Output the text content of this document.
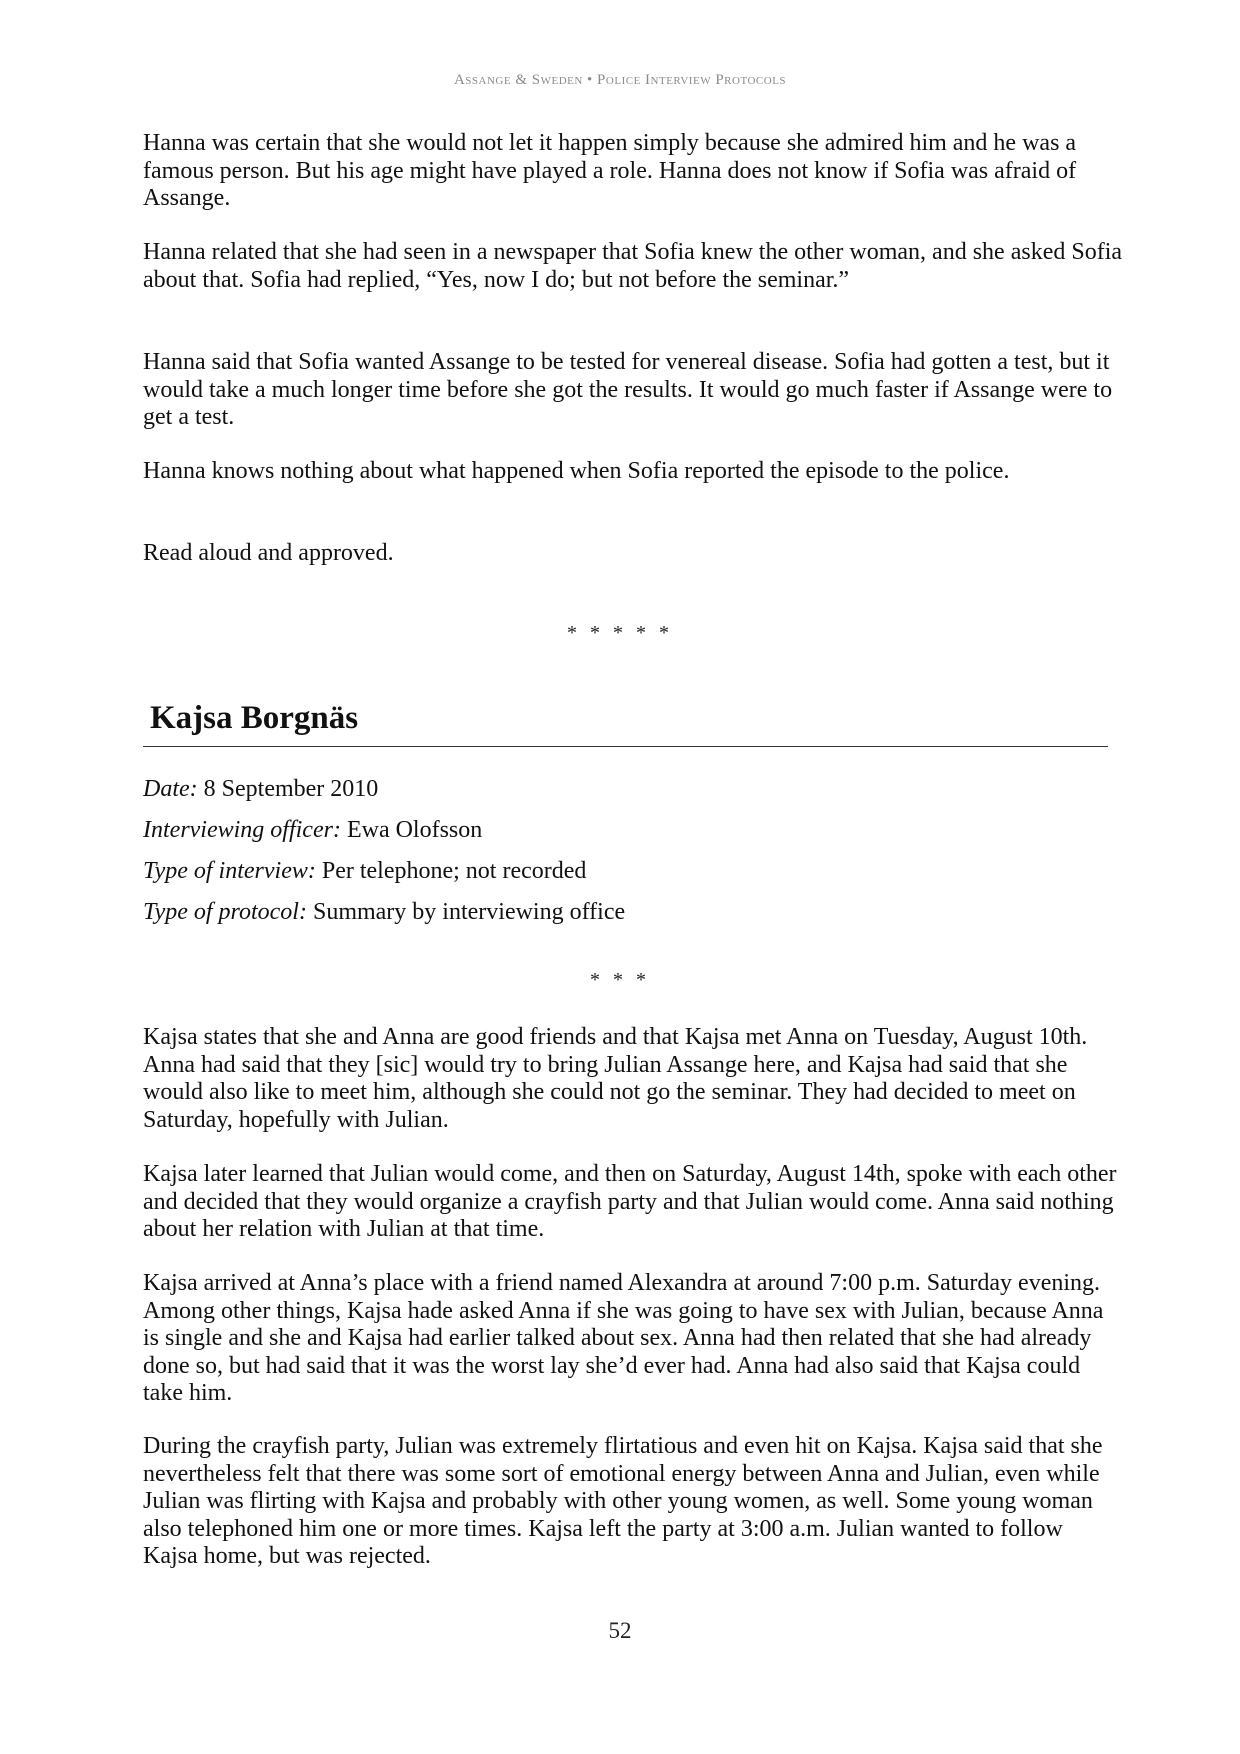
Assange & Sweden • Police Interview Protocols

Hanna was certain that she would not let it happen simply because she admired him and he was a famous person. But his age might have played a role. Hanna does not know if Sofia was afraid of Assange.

Hanna related that she had seen in a newspaper that Sofia knew the other woman, and she asked Sofia about that. Sofia had replied, “Yes, now I do; but not before the seminar.”

Hanna said that Sofia wanted Assange to be tested for venereal disease. Sofia had gotten a test, but it would take a much longer time before she got the results. It would go much faster if Assange were to get a test.

Hanna knows nothing about what happened when Sofia reported the episode to the police.

Read aloud and approved.

* * * * *
Kajsa Borgnäs
Date: 8 September 2010
Interviewing officer: Ewa Olofsson
Type of interview: Per telephone; not recorded
Type of protocol: Summary by interviewing office
* * *

Kajsa states that she and Anna are good friends and that Kajsa met Anna on Tuesday, August 10th. Anna had said that they [sic] would try to bring Julian Assange here, and Kajsa had said that she would also like to meet him, although she could not go the seminar. They had decided to meet on Saturday, hopefully with Julian.

Kajsa later learned that Julian would come, and then on Saturday, August 14th, spoke with each other and decided that they would organize a crayfish party and that Julian would come. Anna said nothing about her relation with Julian at that time.

Kajsa arrived at Anna’s place with a friend named Alexandra at around 7:00 p.m. Saturday evening. Among other things, Kajsa hade asked Anna if she was going to have sex with Julian, because Anna is single and she and Kajsa had earlier talked about sex. Anna had then related that she had already done so, but had said that it was the worst lay she’d ever had. Anna had also said that Kajsa could take him.

During the crayfish party, Julian was extremely flirtatious and even hit on Kajsa. Kajsa said that she nevertheless felt that there was some sort of emotional energy between Anna and Julian, even while Julian was flirting with Kajsa and probably with other young women, as well. Some young woman also telephoned him one or more times. Kajsa left the party at 3:00 a.m. Julian wanted to follow Kajsa home, but was rejected.

52
